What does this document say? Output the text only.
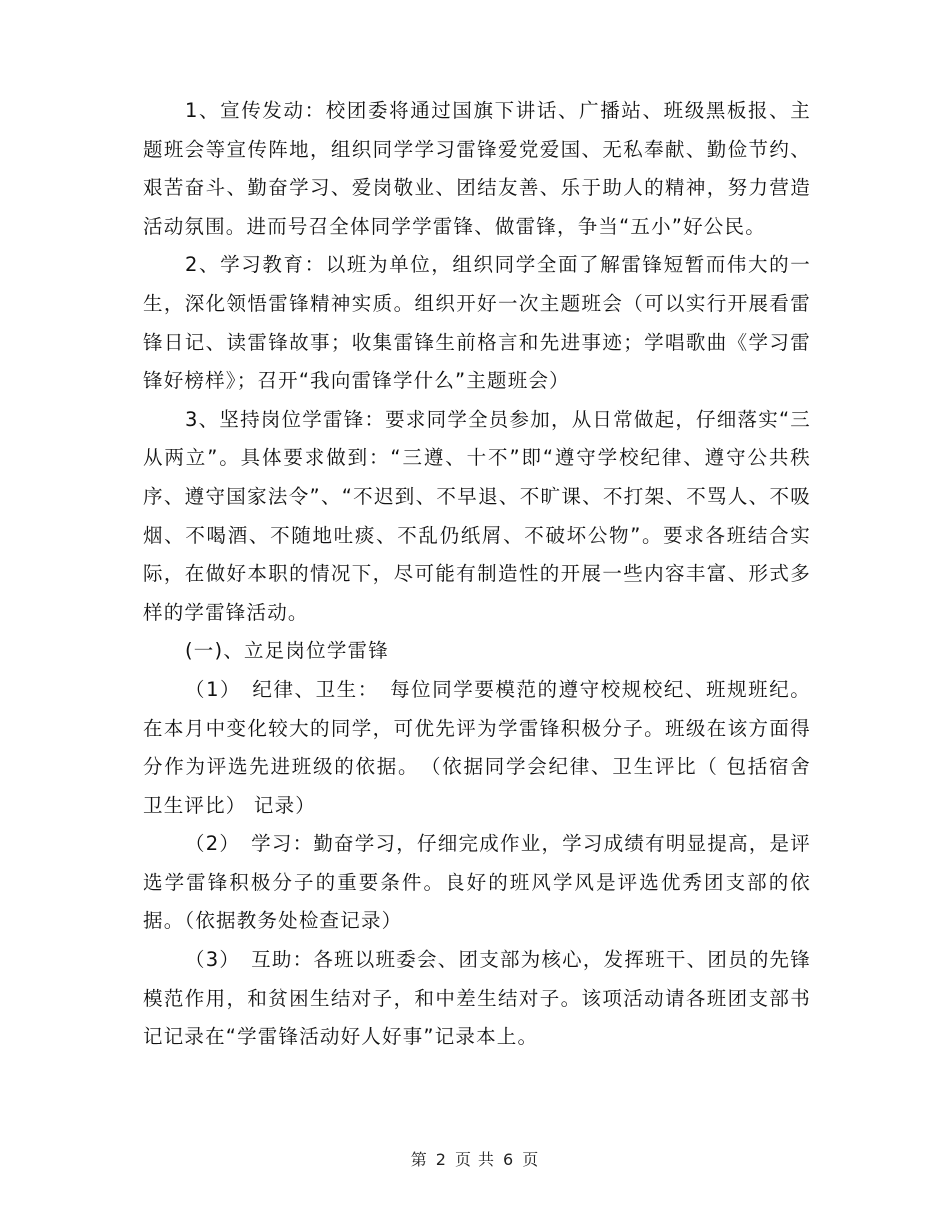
1、宣传发动：校团委将通过国旗下讲话、广播站、班级黑板报、主题班会等宣传阵地，组织同学学习雷锋爱党爱国、无私奉献、勤俭节约、艰苦奋斗、勤奋学习、爱岗敬业、团结友善、乐于助人的精神，努力营造活动氛围。进而号召全体同学学雷锋、做雷锋，争当“五小”好公民。

2、学习教育：以班为单位，组织同学全面了解雷锋短暂而伟大的一生，深化领悟雷锋精神实质。组织开好一次主题班会（可以实行开展看雷锋日记、读雷锋故事；收集雷锋生前格言和先进事迹；学唱歌曲《学习雷锋好榜样》；召开“我向雷锋学什么”主题班会）

3、坚持岗位学雷锋：要求同学全员参加，从日常做起，仔细落实“三从两立”。具体要求做到：“三遵、十不”即“遵守学校纪律、遵守公共秩序、遵守国家法令”、“不迟到、不早退、不旷课、不打架、不骂人、不吸烟、不喝酒、不随地吐痰、不乱仍纸屑、不破坏公物”。要求各班结合实际，在做好本职的情况下，尽可能有制造性的开展一些内容丰富、形式多样的学雷锋活动。

(一)、立足岗位学雷锋

（1）　纪律、卫生：　每位同学要模范的遵守校规校纪、班规班纪。在本月中变化较大的同学，可优先评为学雷锋积极分子。班级在该方面得分作为评选先进班级的依据。　（依据同学会纪律、卫生评比（ 包括宿舍卫生评比） 记录）

（2）　学习：勤奋学习，仔细完成作业，学习成绩有明显提高，是评选学雷锋积极分子的重要条件。良好的班风学风是评选优秀团支部的依据。（依据教务处检查记录）

（3）　互助：各班以班委会、团支部为核心，发挥班干、团员的先锋模范作用，和贫困生结对子，和中差生结对子。该项活动请各班团支部书记记录在“学雷锋活动好人好事”记录本上。

第 2 页 共 6 页
